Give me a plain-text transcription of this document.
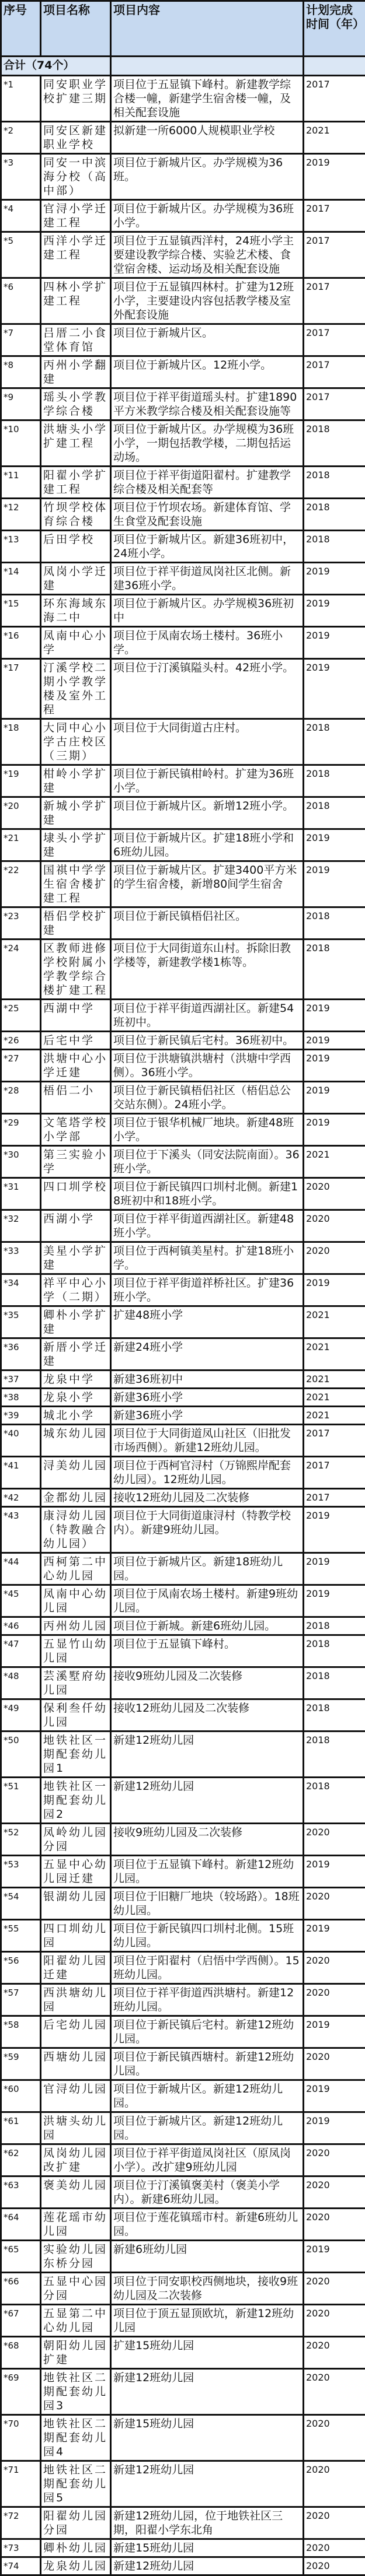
序号	项目名称	项目内容	计划完成时间（年）
合计（74个）			
*1	同安职业学校扩建三期	项目位于五显镇下峰村。新建教学综合楼一幢，新建学生宿舍楼一幢，及相关配套设施	2017
*2	同安区新建职业学校	拟新建一所6000人规模职业学校	2021
*3	同安一中滨海分校（高中部）	项目位于新城片区。办学规模为36班。	2019
*4	官浔小学迁建工程	项目位于新城片区。办学规模为36班小学。	2017
*5	西洋小学迁建工程	项目位于五显镇西洋村，24班小学主要建设教学综合楼、实验艺术楼、食堂宿舍楼、运动场及相关配套设施	2017
*6	四林小学扩建工程	项目位于五显镇四林村。扩建为12班小学，主要建设内容包括教学楼及室外配套设施	2017
*7	吕厝二小食堂体育馆	项目位于新城片区。	2017
*8	丙州小学翻建	项目位于新城片区。12班小学。	2017
*9	瑶头小学教学综合楼	项目位于祥平街道瑶头村。扩建1890平方米教学综合楼及相关配套设施等	2017
*10	洪塘头小学扩建工程	项目位于新城片区。办学规模为36班小学，一期包括教学楼，二期包括运动场。	2018
*11	阳翟小学扩建工程	项目位于祥平街道阳翟村。扩建教学综合楼及相关配套等	2018
*12	竹坝学校体育综合楼	项目位于竹坝农场。新建体育馆、学生食堂及配套设施	2018
*13	后田学校	项目位于新城片区。新建36班初中，24班小学。	2018
*14	凤岗小学迁建	项目位于祥平街道凤岗社区北侧。新建36班小学。	2019
*15	环东海域东海二中	项目位于新城片区。办学规模36班初中	2019
*16	凤南中心小学	项目位于凤南农场土楼村。36班小学。	2019
*17	汀溪学校二期小学教学楼及室外工程	项目位于汀溪镇隘头村。42班小学。	2019
*18	大同中心小学古庄校区（三期）	项目位于大同街道古庄村。	2018
*19	柑岭小学扩建	项目位于新民镇柑岭村。扩建为36班小学。	2018
*20	新城小学扩建	项目位于新城片区。新增12班小学。	2018
*21	埭头小学扩建	项目位于新城片区。扩建18班小学和6班幼儿园。	2019
*22	国祺中学学生宿舍楼扩建工程	项目位于新城片区。扩建3400平方米的学生宿舍楼，新增80间学生宿舍	2019
*23	梧侣学校扩建	项目位于新民镇梧侣社区。	2018
*24	区教师进修学校附属小学教学综合楼扩建工程	项目位于大同街道东山村。拆除旧教学楼等，新建教学楼1栋等。	2018
*25	西湖中学	项目位于祥平街道西湖社区。新建54班初中。	2019
*26	后宅中学	项目位于新民镇后宅村。36班初中。	2019
*27	洪塘中心小学迁建	项目位于洪塘镇洪塘村（洪塘中学西侧）。36班小学。	2019
*28	梧侣二小	项目位于新民镇梧侣社区（梧侣总公交站东侧）。24班小学。	2019
*29	文笔塔学校小学部	项目位于银华机械厂地块。新建48班小学。	2019
*30	第三实验小学	项目位于下溪头（同安法院南面）。36班小学。	2021
*31	四口圳学校	项目位于新民镇四口圳村北侧。新建18班初中和18班小学。	2020
*32	西湖小学	项目位于祥平街道西湖社区。新建48班小学。	2020
*33	美星小学扩建	项目位于西柯镇美星村。扩建18班小学。	2020
*34	祥平中心小学（二期）	项目位于祥平街道祥桥社区。扩建36班小学。	2019
*35	卿朴小学扩建	扩建48班小学	2021
*36	新厝小学迁建	新建24班小学	2021
*37	龙泉中学	新建36班初中	2021
*38	龙泉小学	新建36班小学	2021
*39	城北小学	新建36班小学	2021
*40	城东幼儿园	项目位于大同街道凤山社区（旧批发市场西侧）。新建12班幼儿园。	2017
*41	浔美幼儿园	项目位于西柯官浔村（万锦熙岸配套幼儿园）。12班幼儿园。	2017
*42	金都幼儿园	接收12班幼儿园及二次装修	2017
*43	康浔幼儿园（特教融合幼儿园）	项目位于大同街道康浔村（特教学校内）。新建9班幼儿园。	2019
*44	西柯第二中心幼儿园	项目位于新城片区。新建18班幼儿园。	2019
*45	凤南中心幼儿园	项目位于凤南农场土楼村。新建9班幼儿园。	2019
*46	丙州幼儿园	项目位于新城。新建6班幼儿园。	2018
*47	五显竹山幼儿园	项目位于五显镇下峰村。	2018
*48	芸溪墅府幼儿园	接收9班幼儿园及二次装修	2018
*49	保利叁仟幼儿园	接收12班幼儿园及二次装修	2018
*50	地铁社区一期配套幼儿园1	新建12班幼儿园	2018
*51	地铁社区一期配套幼儿园2	新建12班幼儿园	2018
*52	凤岭幼儿园分园	接收9班幼儿园及二次装修	2020
*53	五显中心幼儿园迁建	项目位于五显镇下峰村。新建12班幼儿园。	2019
*54	银湖幼儿园	项目位于旧糖厂地块（较场路）。18班幼儿园。	2020
*55	四口圳幼儿园	项目位于新民镇四口圳村北侧。15班幼儿园。	2019
*56	阳翟幼儿园迁建	项目位于阳翟村（启悟中学西侧）。15班幼儿园。	2020
*57	西洪塘幼儿园	项目位于祥平街道西洪塘村。新建12班幼儿园。	2020
*58	后宅幼儿园	项目位于新民镇后宅村。新建12班幼儿园。	2019
*59	西塘幼儿园	项目位于新民镇西塘村。新建12班幼儿园。	2020
*60	官浔幼儿园	项目位于新城片区。新建12班幼儿园。	2019
*61	洪塘头幼儿园	项目位于新城片区。新建12班幼儿园。	2019
*62	凤岗幼儿园改扩建	项目位于祥平街道凤岗社区（原凤岗小学）。改扩建9班幼儿园	2020
*63	褒美幼儿园	项目位于汀溪镇褒美村（褒美小学内）。新建6班幼儿园。	2020
*64	莲花瑶市幼儿园	项目位于莲花镇瑶市村。新建6班幼儿园。	2020
*65	实验幼儿园东桥分园	新建6班幼儿园	2019
*66	五显中心园分园	项目位于同安职校西侧地块，接收9班幼儿园及二次装修	2020
*67	五显第二中心幼儿园	项目位于顶五显顶欧坑，新建12班幼儿园	2020
*68	朝阳幼儿园扩建	扩建15班幼儿园	2020
*69	地铁社区二期配套幼儿园3	新建12班幼儿园	2020
*70	地铁社区二期配套幼儿园4	新建15班幼儿园	2020
*71	地铁社区二期配套幼儿园5	新建12班幼儿园	2020
*72	阳翟幼儿园分园	新建12班幼儿园，位于地铁社区三期，阳翟小学东北角	2020
*73	卿朴幼儿园	新建15班幼儿园	2020
*74	龙泉幼儿园	新建12班幼儿园	2020
